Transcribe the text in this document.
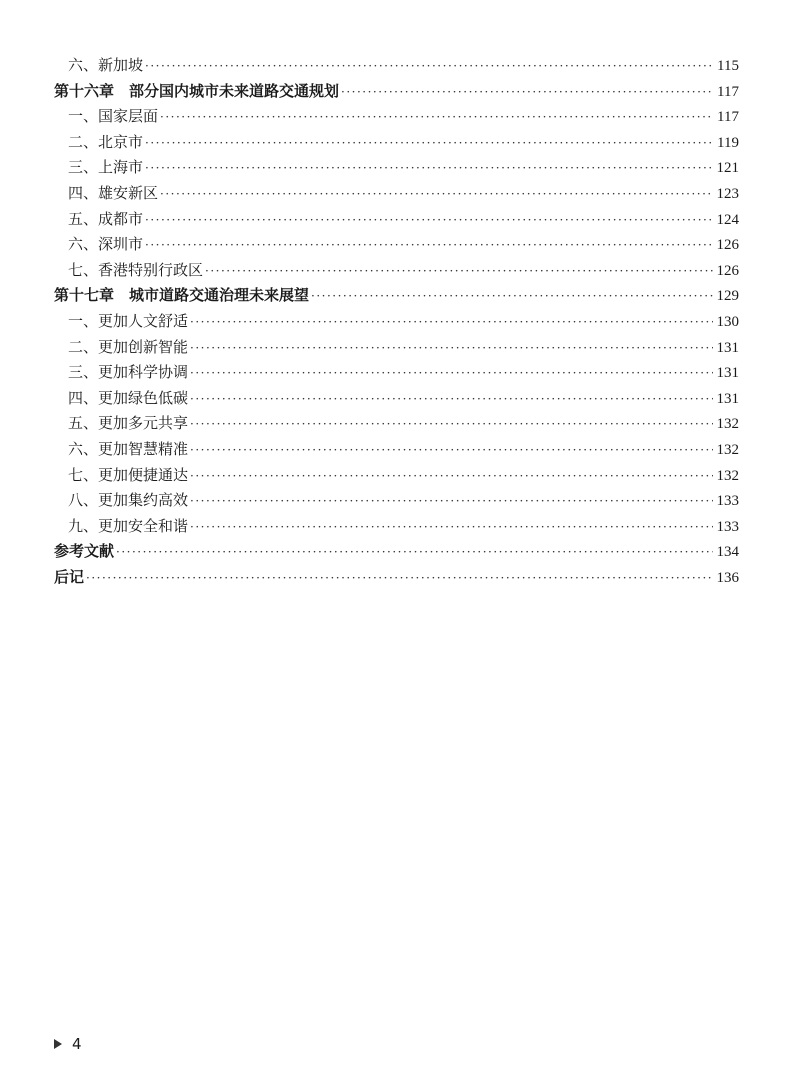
六、新加坡 ·····	115
第十六章　部分国内城市未来道路交通规划 ·····	117
一、国家层面 ·····	117
二、北京市 ·····	119
三、上海市 ·····	121
四、雄安新区 ·····	123
五、成都市 ·····	124
六、深圳市 ·····	126
七、香港特别行政区 ·····	126
第十七章　城市道路交通治理未来展望 ·····	129
一、更加人文舒适 ·····	130
二、更加创新智能 ·····	131
三、更加科学协调 ·····	131
四、更加绿色低碳 ·····	131
五、更加多元共享 ·····	132
六、更加智慧精准 ·····	132
七、更加便捷通达 ·····	132
八、更加集约高效 ·····	133
九、更加安全和谐 ·····	133
参考文献 ·····	134
后记 ·····	136
4
